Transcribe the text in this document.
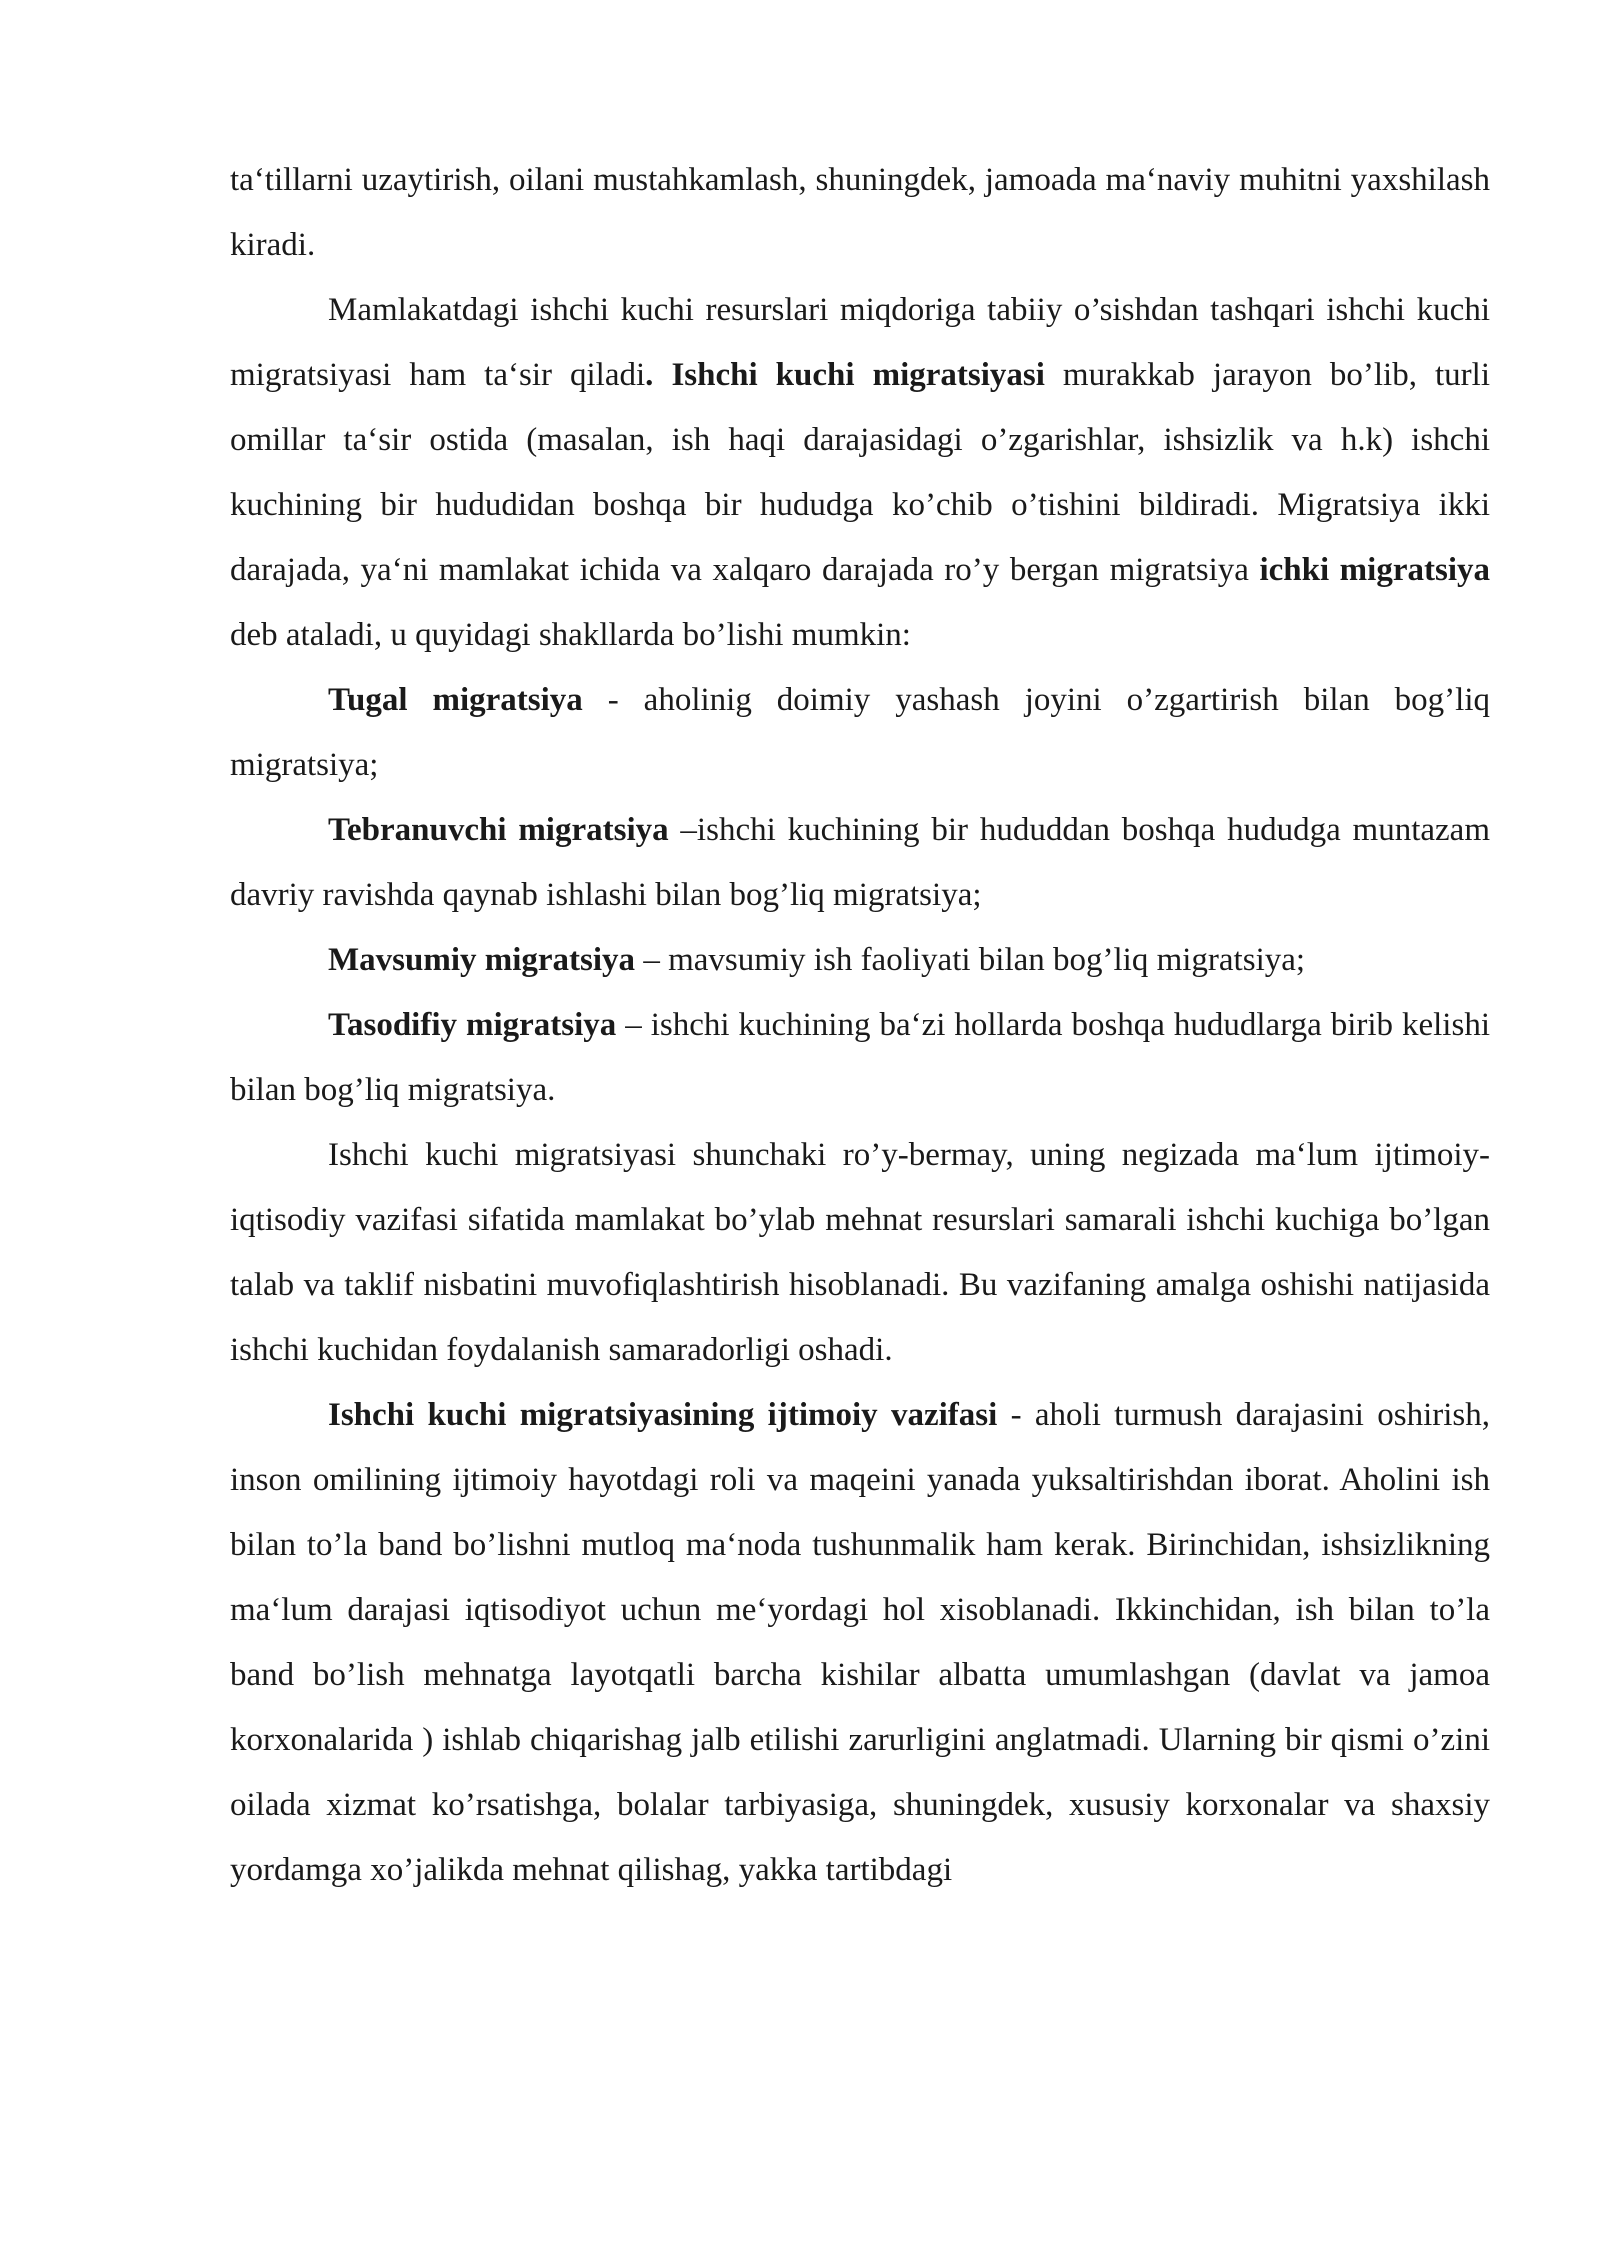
ta‘tillarni uzaytirish, oilani mustahkamlash, shuningdek, jamoada ma‘naviy muhitni yaxshilash kiradi.

Mamlakatdagi ishchi kuchi resurslari miqdoriga tabiiy o’sishdan tashqari ishchi kuchi migratsiyasi ham ta‘sir qiladi. Ishchi kuchi migratsiyasi murakkab jarayon bo’lib, turli omillar ta‘sir ostida (masalan, ish haqi darajasidagi o’zgarishlar, ishsizlik va h.k) ishchi kuchining bir hududidan boshqa bir hududga ko’chib o’tishini bildiradi. Migratsiya ikki darajada, ya‘ni mamlakat ichida va xalqaro darajada ro’y bergan migratsiya ichki migratsiya deb ataladi, u quyidagi shakllarda bo’lishi mumkin:

Tugal migratsiya - aholinig doimiy yashash joyini o’zgartirish bilan bog’liq migratsiya;

Tebranuvchi migratsiya –ishchi kuchining bir hududdan boshqa hududga muntazam davriy ravishda qaynab ishlashi bilan bog’liq migratsiya;

Mavsumiy migratsiya – mavsumiy ish faoliyati bilan bog’liq migratsiya;

Tasodifiy migratsiya – ishchi kuchining ba‘zi hollarda boshqa hududlarga birib kelishi bilan bog’liq migratsiya.

Ishchi kuchi migratsiyasi shunchaki ro’y-bermay, uning negizada ma‘lum ijtimoiy-iqtisodiy vazifasi sifatida mamlakat bo’ylab mehnat resurslari samarali ishchi kuchiga bo’lgan talab va taklif nisbatini muvofiqlashtirish hisoblanadi. Bu vazifaning amalga oshishi natijasida ishchi kuchidan foydalanish samaradorligi oshadi.

Ishchi kuchi migratsiyasining ijtimoiy vazifasi - aholi turmush darajasini oshirish, inson omilining ijtimoiy hayotdagi roli va maqeini yanada yuksaltirishdan iborat. Aholini ish bilan to’la band bo’lishni mutloq ma‘noda tushunmalik ham kerak. Birinchidan, ishsizlikning ma‘lum darajasi iqtisodiyot uchun me‘yordagi hol xisoblanadi. Ikkinchidan, ish bilan to’la band bo’lish mehnatga layotqatli barcha kishilar albatta umumlashgan (davlat va jamoa korxonalarida ) ishlab chiqarishag jalb etilishi zarurligini anglatmadi. Ularning bir qismi o’zini oilada xizmat ko’rsatishga, bolalar tarbiyasiga, shuningdek, xususiy korxonalar va shaxsiy yordamga xo’jalikda mehnat qilishag, yakka tartibdagi
